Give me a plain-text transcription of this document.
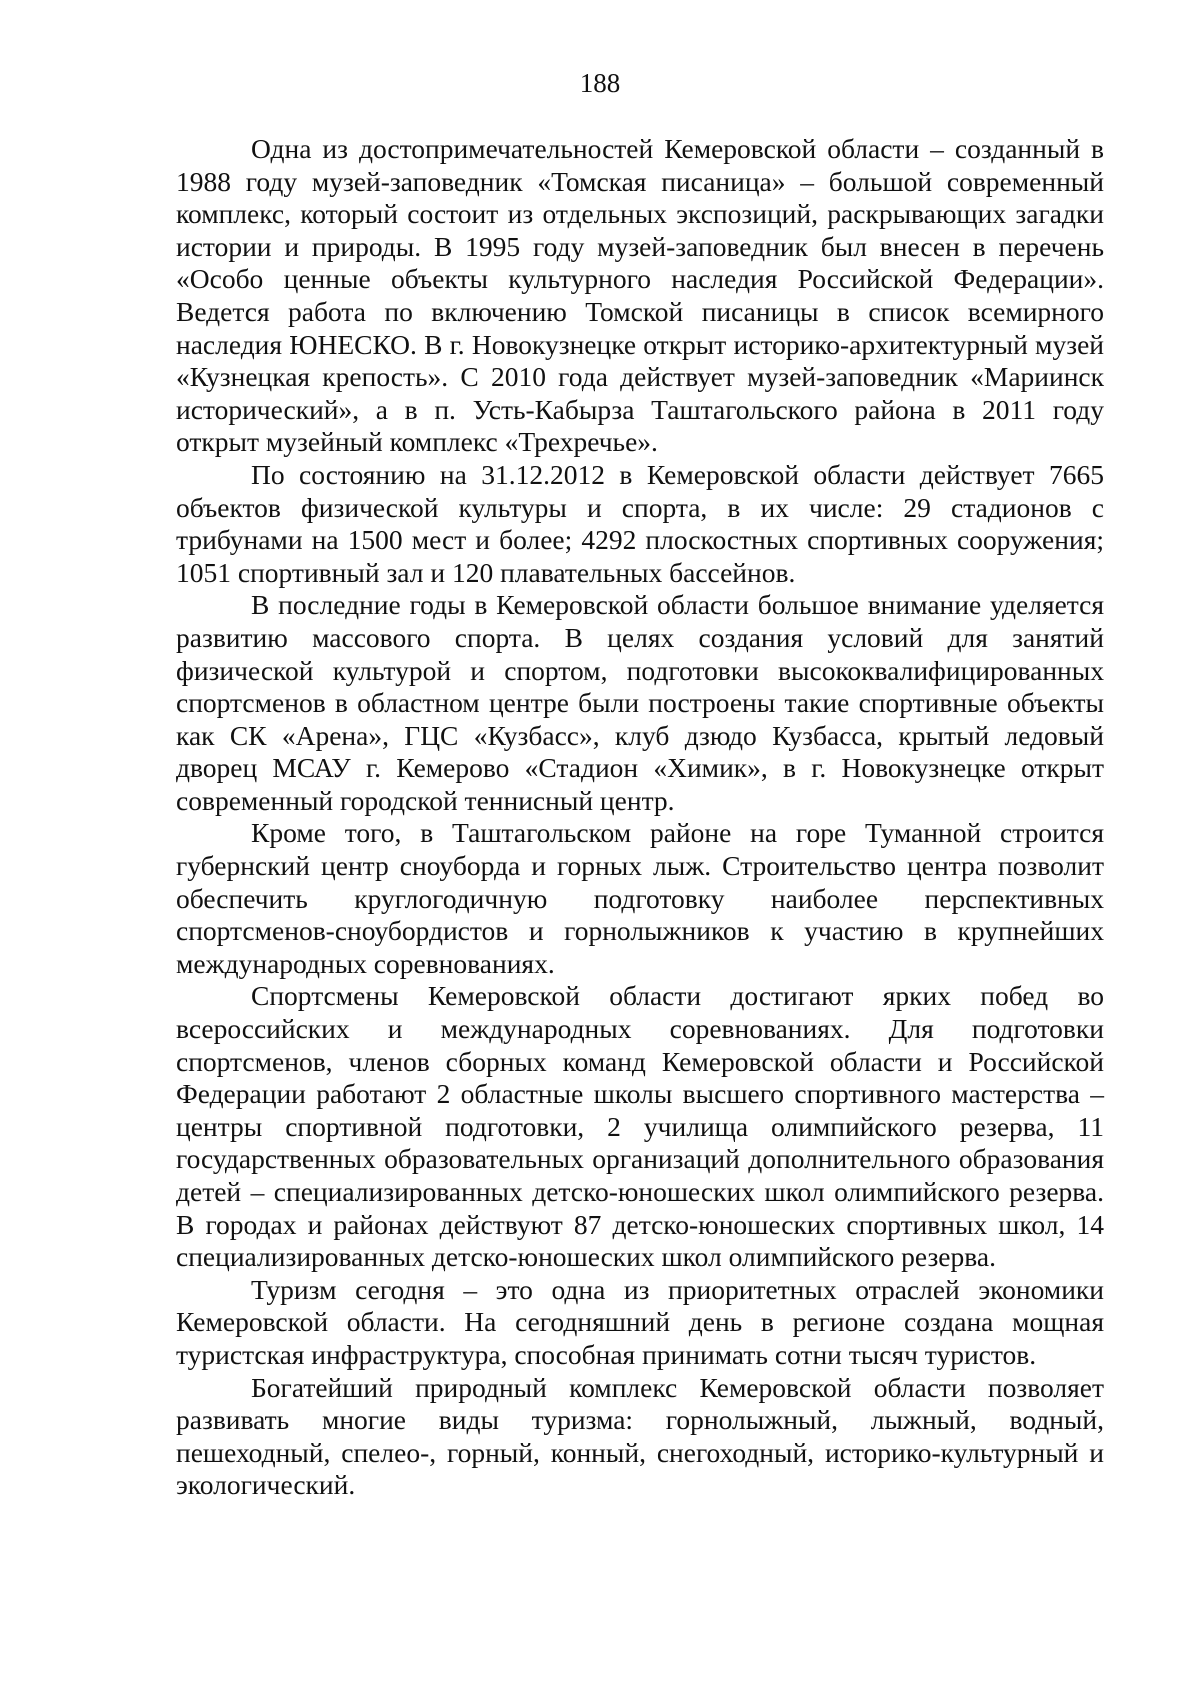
188

Одна из достопримечательностей Кемеровской области – созданный в 1988 году музей-заповедник «Томская писаница» – большой современный комплекс, который состоит из отдельных экспозиций, раскрывающих загадки истории и природы. В 1995 году музей-заповедник был внесен в перечень «Особо ценные объекты культурного наследия Российской Федерации». Ведется работа по включению Томской писаницы в список всемирного наследия ЮНЕСКО. В г. Новокузнецке открыт историко-архитектурный музей «Кузнецкая крепость». С 2010 года действует музей-заповедник «Мариинск исторический», а в п. Усть-Кабырза Таштагольского района в 2011 году открыт музейный комплекс «Трехречье».

По состоянию на 31.12.2012 в Кемеровской области действует 7665 объектов физической культуры и спорта, в их числе: 29 стадионов с трибунами на 1500 мест и более; 4292 плоскостных спортивных сооружения; 1051 спортивный зал и 120 плавательных бассейнов.

В последние годы в Кемеровской области большое внимание уделяется развитию массового спорта. В целях создания условий для занятий физической культурой и спортом, подготовки высококвалифицированных спортсменов в областном центре были построены такие спортивные объекты как СК «Арена», ГЦС «Кузбасс», клуб дзюдо Кузбасса, крытый ледовый дворец МСАУ г. Кемерово «Стадион «Химик», в г. Новокузнецке открыт современный городской теннисный центр.

Кроме того, в Таштагольском районе на горе Туманной строится губернский центр сноуборда и горных лыж. Строительство центра позволит обеспечить круглогодичную подготовку наиболее перспективных спортсменов-сноубордистов и горнолыжников к участию в крупнейших международных соревнованиях.

Спортсмены Кемеровской области достигают ярких побед во всероссийских и международных соревнованиях. Для подготовки спортсменов, членов сборных команд Кемеровской области и Российской Федерации работают 2 областные школы высшего спортивного мастерства – центры спортивной подготовки, 2 училища олимпийского резерва, 11 государственных образовательных организаций дополнительного образования детей – специализированных детско-юношеских школ олимпийского резерва. В городах и районах действуют 87 детско-юношеских спортивных школ, 14 специализированных детско-юношеских школ олимпийского резерва.

Туризм сегодня – это одна из приоритетных отраслей экономики Кемеровской области. На сегодняшний день в регионе создана мощная туристская инфраструктура, способная принимать сотни тысяч туристов.

Богатейший природный комплекс Кемеровской области позволяет развивать многие виды туризма: горнолыжный, лыжный, водный, пешеходный, спелео-, горный, конный, снегоходный, историко-культурный и экологический.
